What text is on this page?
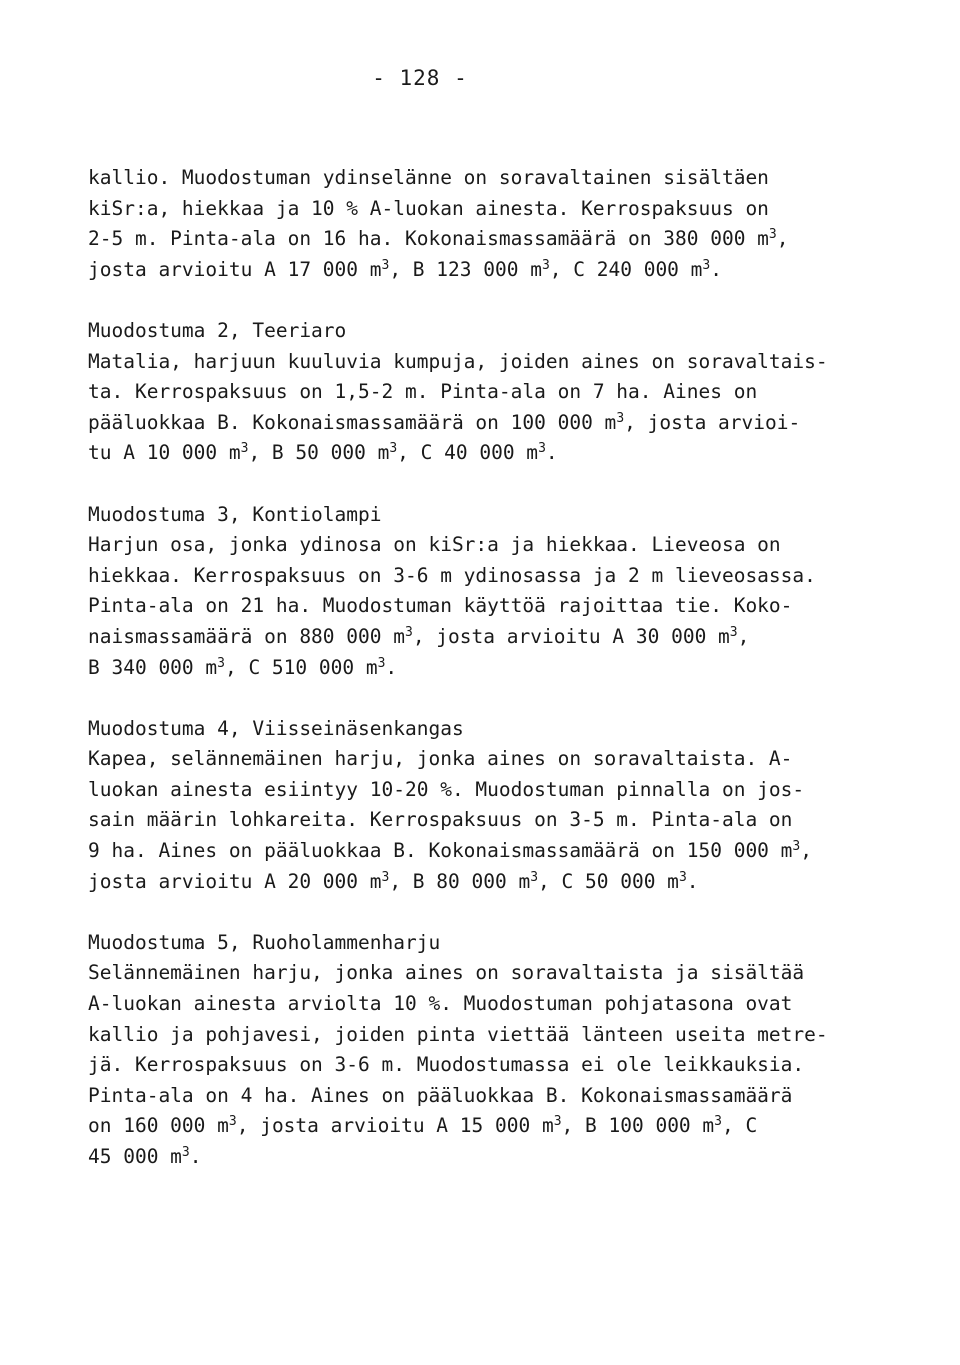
- 128 -
kallio. Muodostuman ydinselänne on soravaltainen sisältäen
kiSr:a, hiekkaa ja 10 % A-luokan ainesta. Kerrospaksuus on
2-5 m. Pinta-ala on 16 ha. Kokonaismassamäärä on 380 000 $m^3$,
josta arvioitu A 17 000 $m^3$, B 123 000 $m^3$, C 240 000 $m^3$.
Muodostuma 2, Teeriaro
Matalia, harjuun kuuluvia kumpuja, joiden aines on soravaltais-
ta. Kerrospaksuus on 1,5-2 m. Pinta-ala on 7 ha. Aines on
pääluokkaa B. Kokonaismassamäärä on 100 000 $m^3$, josta arvioi-
tu A 10 000 $m^3$, B 50 000 $m^3$, C 40 000 $m^3$.
Muodostuma 3, Kontiolampi
Harjun osa, jonka ydinosa on kiSr:a ja hiekkaa. Lieveosa on
hiekkaa. Kerrospaksuus on 3-6 m ydinosassa ja 2 m lieveosassa.
Pinta-ala on 21 ha. Muodostuman käyttöä rajoittaa tie. Koko-
naismassamäärä on 880 000 $m^3$, josta arvioitu A 30 000 $m^3$,
B 340 000 $m^3$, C 510 000 $m^3$.
Muodostuma 4, Viisseinäsenkangas
Kapea, selännemäinen harju, jonka aines on soravaltaista. A-
luokan ainesta esiintyy 10-20 %. Muodostuman pinnalla on jos-
sain määrin lohkareita. Kerrospaksuus on 3-5 m. Pinta-ala on
9 ha. Aines on pääluokkaa B. Kokonaismassamäärä on 150 000 $m^3$,
josta arvioitu A 20 000 $m^3$, B 80 000 $m^3$, C 50 000 $m^3$.
Muodostuma 5, Ruoholammenharju
Selännemäinen harju, jonka aines on soravaltaista ja sisältää
A-luokan ainesta arviolta 10 %. Muodostuman pohjatasona ovat
kallio ja pohjavesi, joiden pinta viettää länteen useita metre-
jä. Kerrospaksuus on 3-6 m. Muodostumassa ei ole leikkauksia.
Pinta-ala on 4 ha. Aines on pääluokkaa B. Kokonaismassamäärä
on 160 000 $m^3$, josta arvioitu A 15 000 $m^3$, B 100 000 $m^3$, C
45 000 $m^3$.
